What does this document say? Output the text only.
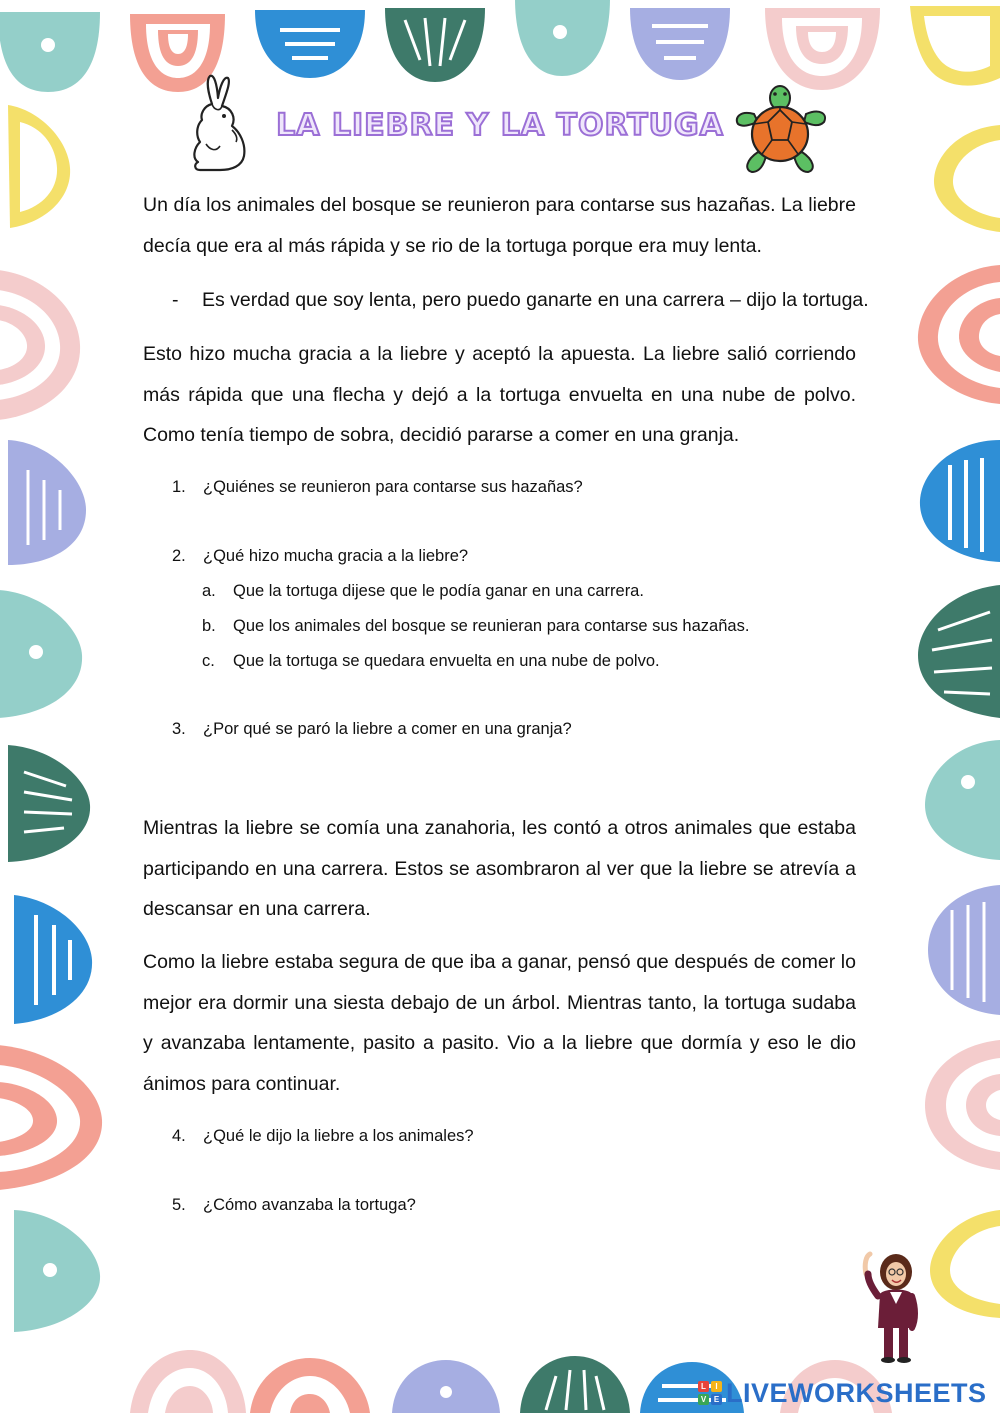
LA LIEBRE Y LA TORTUGA

Un día los animales del bosque se reunieron para contarse sus hazañas. La liebre decía que era al más rápida y se rio de la tortuga porque era muy lenta.

- Es verdad que soy lenta, pero puedo ganarte en una carrera – dijo la tortuga.

Esto hizo mucha gracia a la liebre y aceptó la apuesta. La liebre salió corriendo más rápida que una flecha y dejó a la tortuga envuelta en una nube de polvo. Como tenía tiempo de sobra, decidió pararse a comer en una granja.

1. ¿Quiénes se reunieron para contarse sus hazañas?
2. ¿Qué hizo mucha gracia a la liebre?
a. Que la tortuga dijese que le podía ganar en una carrera.
b. Que los animales del bosque se reunieran para contarse sus hazañas.
c. Que la tortuga se quedara envuelta en una nube de polvo.
3. ¿Por qué se paró la liebre a comer en una granja?

Mientras la liebre se comía una zanahoria, les contó a otros animales que estaba participando en una carrera. Estos se asombraron al ver que la liebre se atrevía a descansar en una carrera.

Como la liebre estaba segura de que iba a ganar, pensó que después de comer lo mejor era dormir una siesta debajo de un árbol. Mientras tanto, la tortuga sudaba y avanzaba lentamente, pasito a pasito. Vio a la liebre que dormía y eso le dio ánimos para continuar.

4. ¿Qué le dijo la liebre a los animales?
5. ¿Cómo avanzaba la tortuga?
L	I
V E LIVEWORKSHEETS
